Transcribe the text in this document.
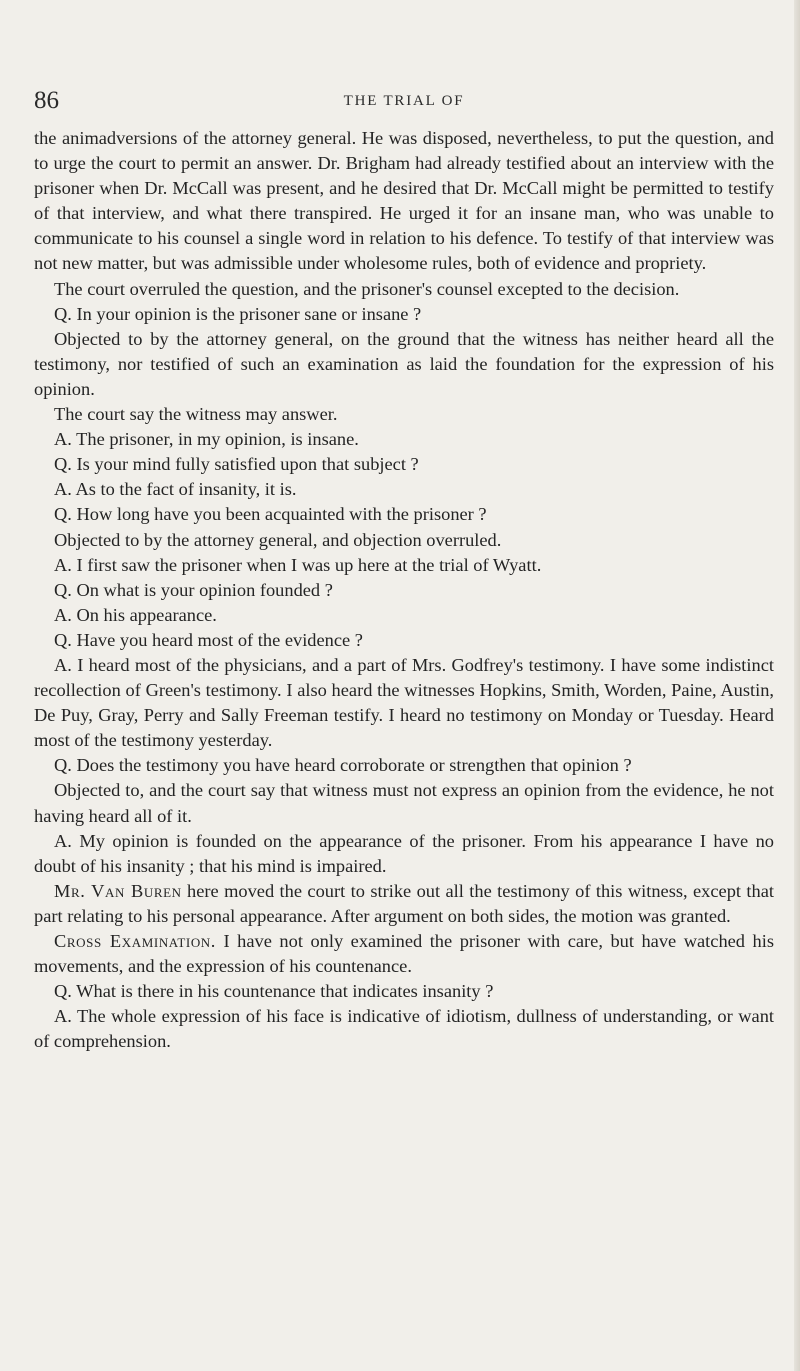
86	THE TRIAL OF

the animadversions of the attorney general. He was disposed, nevertheless, to put the question, and to urge the court to permit an answer. Dr. Brigham had already testified about an interview with the prisoner when Dr. McCall was present, and he desired that Dr. McCall might be permitted to testify of that interview, and what there transpired. He urged it for an insane man, who was unable to communicate to his counsel a single word in relation to his defence. To testify of that interview was not new matter, but was admissible under wholesome rules, both of evidence and propriety.

The court overruled the question, and the prisoner's counsel excepted to the decision.

Q. In your opinion is the prisoner sane or insane ?

Objected to by the attorney general, on the ground that the witness has neither heard all the testimony, nor testified of such an examination as laid the foundation for the expression of his opinion.

The court say the witness may answer.

A. The prisoner, in my opinion, is insane.

Q. Is your mind fully satisfied upon that subject ?

A. As to the fact of insanity, it is.

Q. How long have you been acquainted with the prisoner ?

Objected to by the attorney general, and objection overruled.

A. I first saw the prisoner when I was up here at the trial of Wyatt.

Q. On what is your opinion founded ?

A. On his appearance.

Q. Have you heard most of the evidence ?

A. I heard most of the physicians, and a part of Mrs. Godfrey's testimony. I have some indistinct recollection of Green's testimony. I also heard the witnesses Hopkins, Smith, Worden, Paine, Austin, De Puy, Gray, Perry and Sally Freeman testify. I heard no testimony on Monday or Tuesday. Heard most of the testimony yesterday.

Q. Does the testimony you have heard corroborate or strengthen that opinion ?

Objected to, and the court say that witness must not express an opinion from the evidence, he not having heard all of it.

A. My opinion is founded on the appearance of the prisoner. From his appearance I have no doubt of his insanity ; that his mind is impaired.

Mr. Van Buren here moved the court to strike out all the testimony of this witness, except that part relating to his personal appearance. After argument on both sides, the motion was granted.

Cross Examination. I have not only examined the prisoner with care, but have watched his movements, and the expression of his countenance.

Q. What is there in his countenance that indicates insanity ?

A. The whole expression of his face is indicative of idiotism, dullness of understanding, or want of comprehension.
